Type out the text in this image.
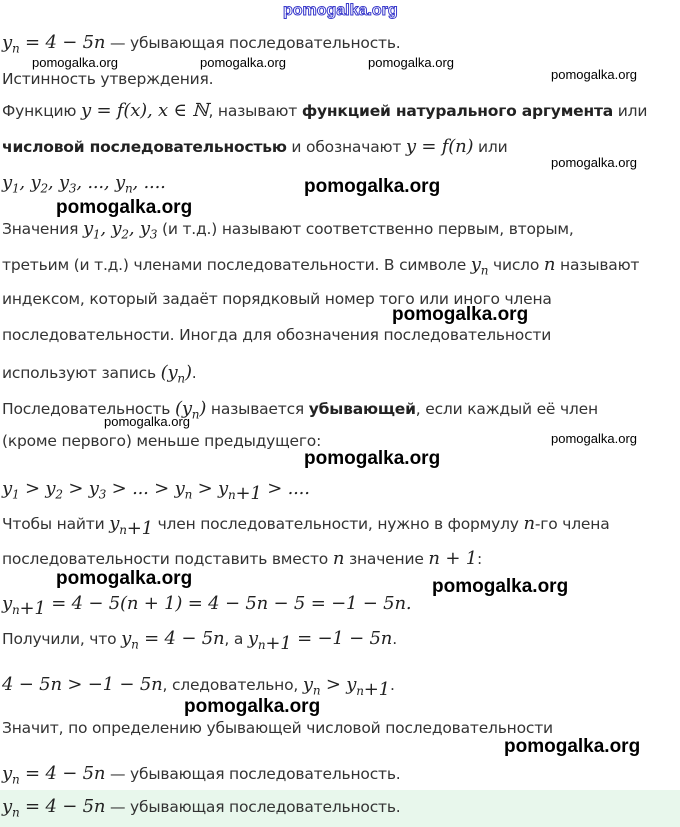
pomogalka.org
$y_n = 4 - 5n$ — убывающая последовательность.
Истинность утверждения.
Функцию y = f(x), x ∈ ℕ, называют функцией натурального аргумента или
числовой последовательностью и обозначают y = f(n) или
$y_1$, $y_2$, $y_3$, ..., $y_n$, ....
Значения $y_1$, $y_2$, $y_3$ (и т.д.) называют соответственно первым, вторым,
третьим (и т.д.) членами последовательности. В символе $y_n$ число n называют
индексом, который задаёт порядковый номер того или иного члена
последовательности. Иногда для обозначения последовательности
используют запись $(y_n)$.
Последовательность $(y_n)$ называется убывающей, если каждый её член
(кроме первого) меньше предыдущего:
$y_1 > y_2 > y_3$ > ... > $y_n > y_{n+1}$ > ....
Чтобы найти $y_{n+1}$ член последовательности, нужно в формулу n-го члена
последовательности подставить вместо n значение n + 1:
$y_{n+1} = 4 - 5(n + 1) = 4 - 5n - 5 = -1 - 5n$.
Получили, что $y_n = 4 - 5n$, а $y_{n+1} = -1 - 5n$.
4 − 5n > −1 − 5n, следовательно, $y_n > y_{n+1}$.
Значит, по определению убывающей числовой последовательности
$y_n = 4 - 5n$ — убывающая последовательность.
$y_n = 4 - 5n$ — убывающая последовательность.
pomogalka.org	pomogalka.org	pomogalka.org
pomogalka.org
pomogalka.org
pomogalka.org
pomogalka.org
pomogalka.org
pomogalka.org
pomogalka.org
pomogalka.org
pomogalka.org	pomogalka.org
pomogalka.org
pomogalka.org
